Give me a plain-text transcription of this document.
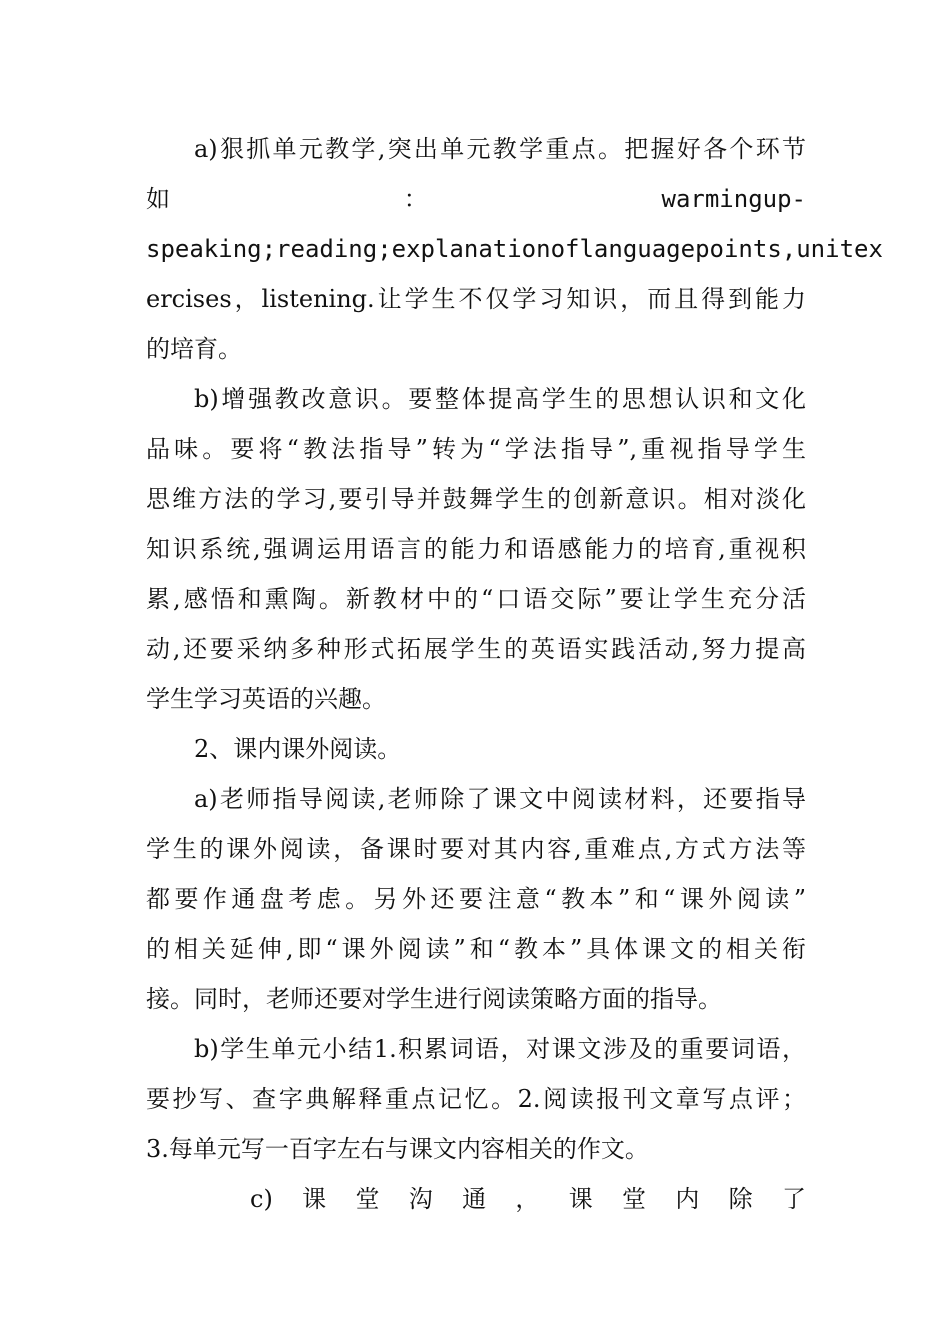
a)狠抓单元教学,突出单元教学重点。把握好各个环节
如	：	warmingup-
speaking;reading;explanationoflanguagepoints,unitex
ercises，listening.让学生不仅学习知识，而且得到能力
的培育。
b)增强教改意识。要整体提高学生的思想认识和文化
品味。要将“教法指导”转为“学法指导”,重视指导学生
思维方法的学习,要引导并鼓舞学生的创新意识。相对淡化
知识系统,强调运用语言的能力和语感能力的培育,重视积
累,感悟和熏陶。新教材中的“口语交际”要让学生充分活
动,还要采纳多种形式拓展学生的英语实践活动,努力提高
学生学习英语的兴趣。
2、课内课外阅读。
a)老师指导阅读,老师除了课文中阅读材料，还要指导
学生的课外阅读，备课时要对其内容,重难点,方式方法等
都要作通盘考虑。另外还要注意“教本”和“课外阅读”
的相关延伸,即“课外阅读”和“教本”具体课文的相关衔
接。同时，老师还要对学生进行阅读策略方面的指导。
b)学生单元小结1.积累词语，对课文涉及的重要词语，
要抄写、查字典解释重点记忆。2.阅读报刊文章写点评；
3.每单元写一百字左右与课文内容相关的作文。
c)课堂沟通，课堂内除了
